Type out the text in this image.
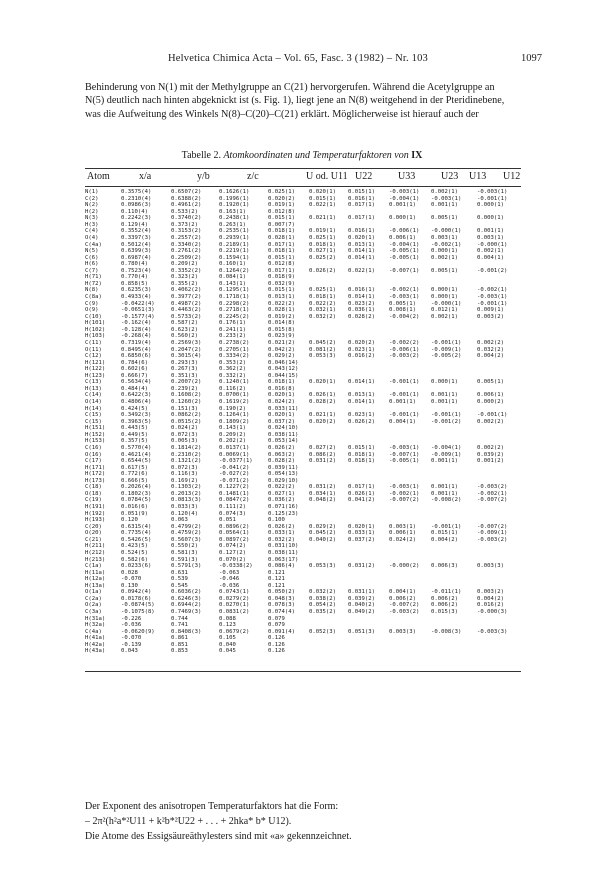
Helvetica Chimica Acta – Vol. 65, Fasc. 3 (1982) – Nr. 103	1097
Behinderung von N(1) mit der Methylgruppe an C(21) hervorgerufen. Während die Acetylgruppe an
N(5) deutlich nach hinten abgeknickt ist (s. Fig. 1), liegt jene an N(8) weitgehend in der Pteridinebene,
was die Aufweitung des Winkels N(8)–C(20)–C(21) erklärt. Möglicherweise ist hierauf auch der
Tabelle 2. Atomkoordinaten und Temperaturfaktoren von IX
Atom	x/a	y/b	z/c	U od. U11 U22	U33	U23 U13 U12
N(1)	0.3575(4)	0.6507(2)	0.1626(1)	0.025(1)	0.020(1) 0.015(1)	-0.003(1) 0.002(1)	-0.003(1)
C(2)	0.2310(4)	0.6388(2)	0.1996(1)	0.020(2)	0.015(1) 0.016(1)	-0.004(1) -0.003(1)	-0.001(1)
N(2)	0.0986(3)	0.4961(2)	0.1920(1)	0.019(1)	0.022(1) 0.017(1)	0.001(1)	0.001(1)	0.000(1)
H(2)	0.110(4)	0.533(2)	0.163(1)	0.012(8)
N(3)	0.2242(3)	0.3740(2)	0.2438(1)	0.015(1)	0.021(1) 0.017(1)	0.000(1)	0.005(1)	0.000(1)
H(3)	0.129(4)	0.373(2)	0.263(1)	0.007(7)
C(4)	0.3552(4)	0.3153(2)	0.2535(1)	0.018(1)	0.019(1) 0.016(1)	-0.006(1) -0.000(1)	0.001(1)
O(4)	0.3397(3)	0.2557(2)	0.2939(1)	0.028(1)	0.025(1) 0.020(1)	0.006(1)	0.003(1)	0.003(1)
C(4a)	0.5012(4)	0.3340(2)	0.2189(1)	0.017(1)	0.018(1) 0.013(1)	-0.004(1) -0.002(1)	-0.000(1)
N(5)	0.6399(3)	0.2761(2)	0.2219(1)	0.018(1)	0.027(1) 0.014(1)	-0.005(1) 0.000(1)	0.002(1)
C(6)	0.6987(4)	0.2509(2)	0.1594(1)	0.015(1)	0.025(2) 0.014(1)	-0.005(1) 0.002(1)	0.004(1)
H(6)	0.780(4)	0.209(2)	0.160(1)	0.012(8)
C(7)	0.7523(4)	0.3352(2)	0.1264(2)	0.017(1)	0.026(2) 0.022(1)	-0.007(1) 0.005(1)	-0.001(2)
H(71)	0.770(4)	0.323(2)	0.084(1)	0.018(9)
H(72)	0.858(5)	0.355(2)	0.143(1)	0.032(9)
N(8)	0.6235(3)	0.4062(2)	0.1295(1)	0.015(1)	0.025(1) 0.016(1)	-0.002(1) 0.000(1)	-0.002(1)
C(8a)	0.4933(4)	0.3977(2)	0.1718(1)	0.013(1)	0.018(1) 0.014(1)	-0.003(1) 0.000(1)	-0.003(1)
C(9)	-0.0422(4)	0.4987(2)	0.2298(2)	0.022(2)	0.022(2) 0.023(2)	0.005(1)	-0.000(1)	-0.001(1)
O(9)	-0.0651(3)	0.4463(2)	0.2718(1)	0.028(1)	0.032(1) 0.036(1)	0.008(1)	0.012(1)	0.009(1)
C(10)	-0.1577(4)	0.5733(2)	0.2245(2)	0.019(2)	0.032(2) 0.028(2)	-0.004(2) 0.002(1)	0.003(2)
H(101)	-0.162(4)	0.587(2)	0.176(1)	0.014(8)
H(102)	-0.128(4)	0.623(2)	0.241(1)	0.015(8)
H(103)	-0.268(4)	0.560(2)	0.233(2)	0.023(9)
C(11)	0.7319(4)	0.2569(3)	0.2738(2)	0.021(2)	0.045(2) 0.020(2)	-0.002(2) -0.001(1)	0.002(2)
O(11)	0.8495(4)	0.2047(2)	0.2705(1)	0.042(2)	0.081(2) 0.023(1)	-0.006(1) -0.009(1)	0.032(2)
C(12)	0.6850(6)	0.3015(4)	0.3334(2)	0.029(2)	0.053(3) 0.016(2)	-0.003(2) -0.005(2)	0.004(2)
H(121)	0.784(6)	0.293(3)	0.353(2)	0.046(14)
H(122)	0.602(6)	0.267(3)	0.362(2)	0.043(12)
H(123)	0.666(7)	0.351(3)	0.332(2)	0.044(15)
C(13)	0.5634(4)	0.2007(2)	0.1240(1)	0.018(1)	0.020(1) 0.014(1)	-0.001(1) 0.000(1)	0.005(1)
H(13)	0.484(4)	0.239(2)	0.116(2)	0.016(8)
C(14)	0.6422(3)	0.1608(2)	0.0700(1)	0.020(1)	0.026(1) 0.013(1)	-0.001(1) 0.001(1)	0.006(1)
O(14)	0.4806(4)	0.1260(2)	0.1619(2)	0.024(2)	0.028(2) 0.014(1)	0.001(1)	0.001(1)	0.000(2)
H(14)	0.424(5)	0.151(3)	0.190(2)	0.033(11)
C(15)	0.3492(3)	0.0862(2)	0.1264(1)	0.020(1)	0.021(1) 0.023(1)	-0.001(1) -0.001(1)	-0.001(1)
C(15)	0.3963(5)	0.0515(2)	0.1809(2)	0.037(2)	0.020(2) 0.026(2)	0.004(1)	-0.001(2)	0.002(2)
H(151)	0.443(5)	0.024(2)	0.143(1)	0.024(10)
H(152)	0.449(5)	0.072(3)	0.209(2)	0.038(11)
H(153)	0.357(5)	0.005(3)	0.202(2)	0.053(14)
C(16)	0.5770(4)	0.1814(2)	0.0137(1)	0.026(2)	0.027(2) 0.015(1)	-0.003(1) -0.004(1)	0.002(2)
O(16)	0.4621(4)	0.2310(2)	0.0069(1)	0.063(2)	0.086(2) 0.018(1)	-0.007(1) -0.009(1)	0.039(2)
C(17)	0.6544(5)	0.1321(2)	-0.0377(1)	0.028(2)	0.031(2) 0.018(1)	-0.005(1) 0.001(1)	0.001(2)
H(171)	0.617(5)	0.072(3)	-0.041(2)	0.039(11)
H(172)	0.772(6)	0.116(3)	-0.027(2)	0.054(13)
H(173)	0.666(5)	0.169(2)	-0.071(2)	0.029(10)
C(18)	0.2026(4)	0.1303(2)	0.1227(2)	0.022(2)	0.031(2) 0.017(1)	-0.003(1) 0.001(1)	-0.003(2)
O(18)	0.1802(3)	0.2013(2)	0.1481(1)	0.027(1)	0.034(1) 0.026(1)	-0.002(1) 0.001(1)	-0.002(1)
C(19)	0.0784(5)	0.0813(3)	0.0847(2)	0.036(2)	0.048(2) 0.041(2)	-0.007(2) -0.008(2)	-0.007(2)
H(191)	0.016(6)	0.033(3)	0.111(2)	0.071(16)
H(192)	0.051(9)	0.120(4)	0.074(3)	0.125(23)
H(193)	0.120	0.063	0.051	0.100
C(20)	0.6315(4)	0.4799(2)	0.0896(2)	0.026(2)	0.029(2) 0.020(1)	0.003(1)	-0.001(1)	-0.007(2)
O(20)	0.7735(4)	0.4759(2)	0.0564(1)	0.033(1)	0.045(2) 0.033(1)	0.006(1)	0.015(1)	-0.009(1)
C(21)	0.5426(5)	0.5607(3)	0.0897(2)	0.032(2)	0.040(2) 0.037(2)	0.024(2)	0.004(2)	-0.003(2)
H(211)	0.423(5)	0.550(2)	0.074(2)	0.031(10)
H(212)	0.524(5)	0.581(3)	0.127(2)	0.038(11)
H(213)	0.582(6)	0.591(3)	0.070(2)	0.063(17)
C(1a)	0.0233(6)	0.5791(3)	-0.0338(2)	0.086(4)	0.053(3) 0.031(2)	-0.000(2) 0.006(3)	0.003(3)
H(11a)	0.028	0.631	-0.063	0.121
H(12a)	-0.070	0.539	-0.046	0.121
H(13a)	0.130	0.545	-0.036	0.121
O(1a)	0.0942(4)	0.6036(2)	0.0743(1)	0.050(2)	0.032(2) 0.031(1)	0.004(1)	-0.011(1)	0.003(2)
C(2a)	0.0178(6)	0.6246(3)	0.0279(2)	0.048(3)	0.038(2) 0.039(2)	0.006(2)	0.006(2)	0.004(2)
O(2a)	-0.0874(5)	0.6944(2)	0.0270(1)	0.078(3)	0.054(2) 0.040(2)	-0.007(2) 0.006(2)	0.016(2)
C(3a)	-0.1075(8)	0.7469(3)	0.0831(2)	0.074(4)	0.035(2) 0.049(2)	-0.003(2) 0.015(3)	-0.000(3)
H(31a)	-0.226	0.744	0.088	0.079
H(32a)	-0.036	0.741	0.123	0.079
C(4a)	-0.0620(9)	0.8408(3)	0.0679(2)	0.091(4)	0.052(3) 0.051(3)	0.003(3)	-0.008(3)	-0.003(3)
H(41a)	-0.070	0.861	0.105	0.126
H(42a)	-0.139	0.851	0.040	0.126
H(43a)	0.043	0.853	0.045	0.126
Der Exponent des anisotropen Temperaturfaktors hat die Form:
– 2π²(h²a*²U11 + k²b*²U22 + . . . + 2hka* b* U12).
Die Atome des Essigsäureäthylesters sind mit «a» gekennzeichnet.
